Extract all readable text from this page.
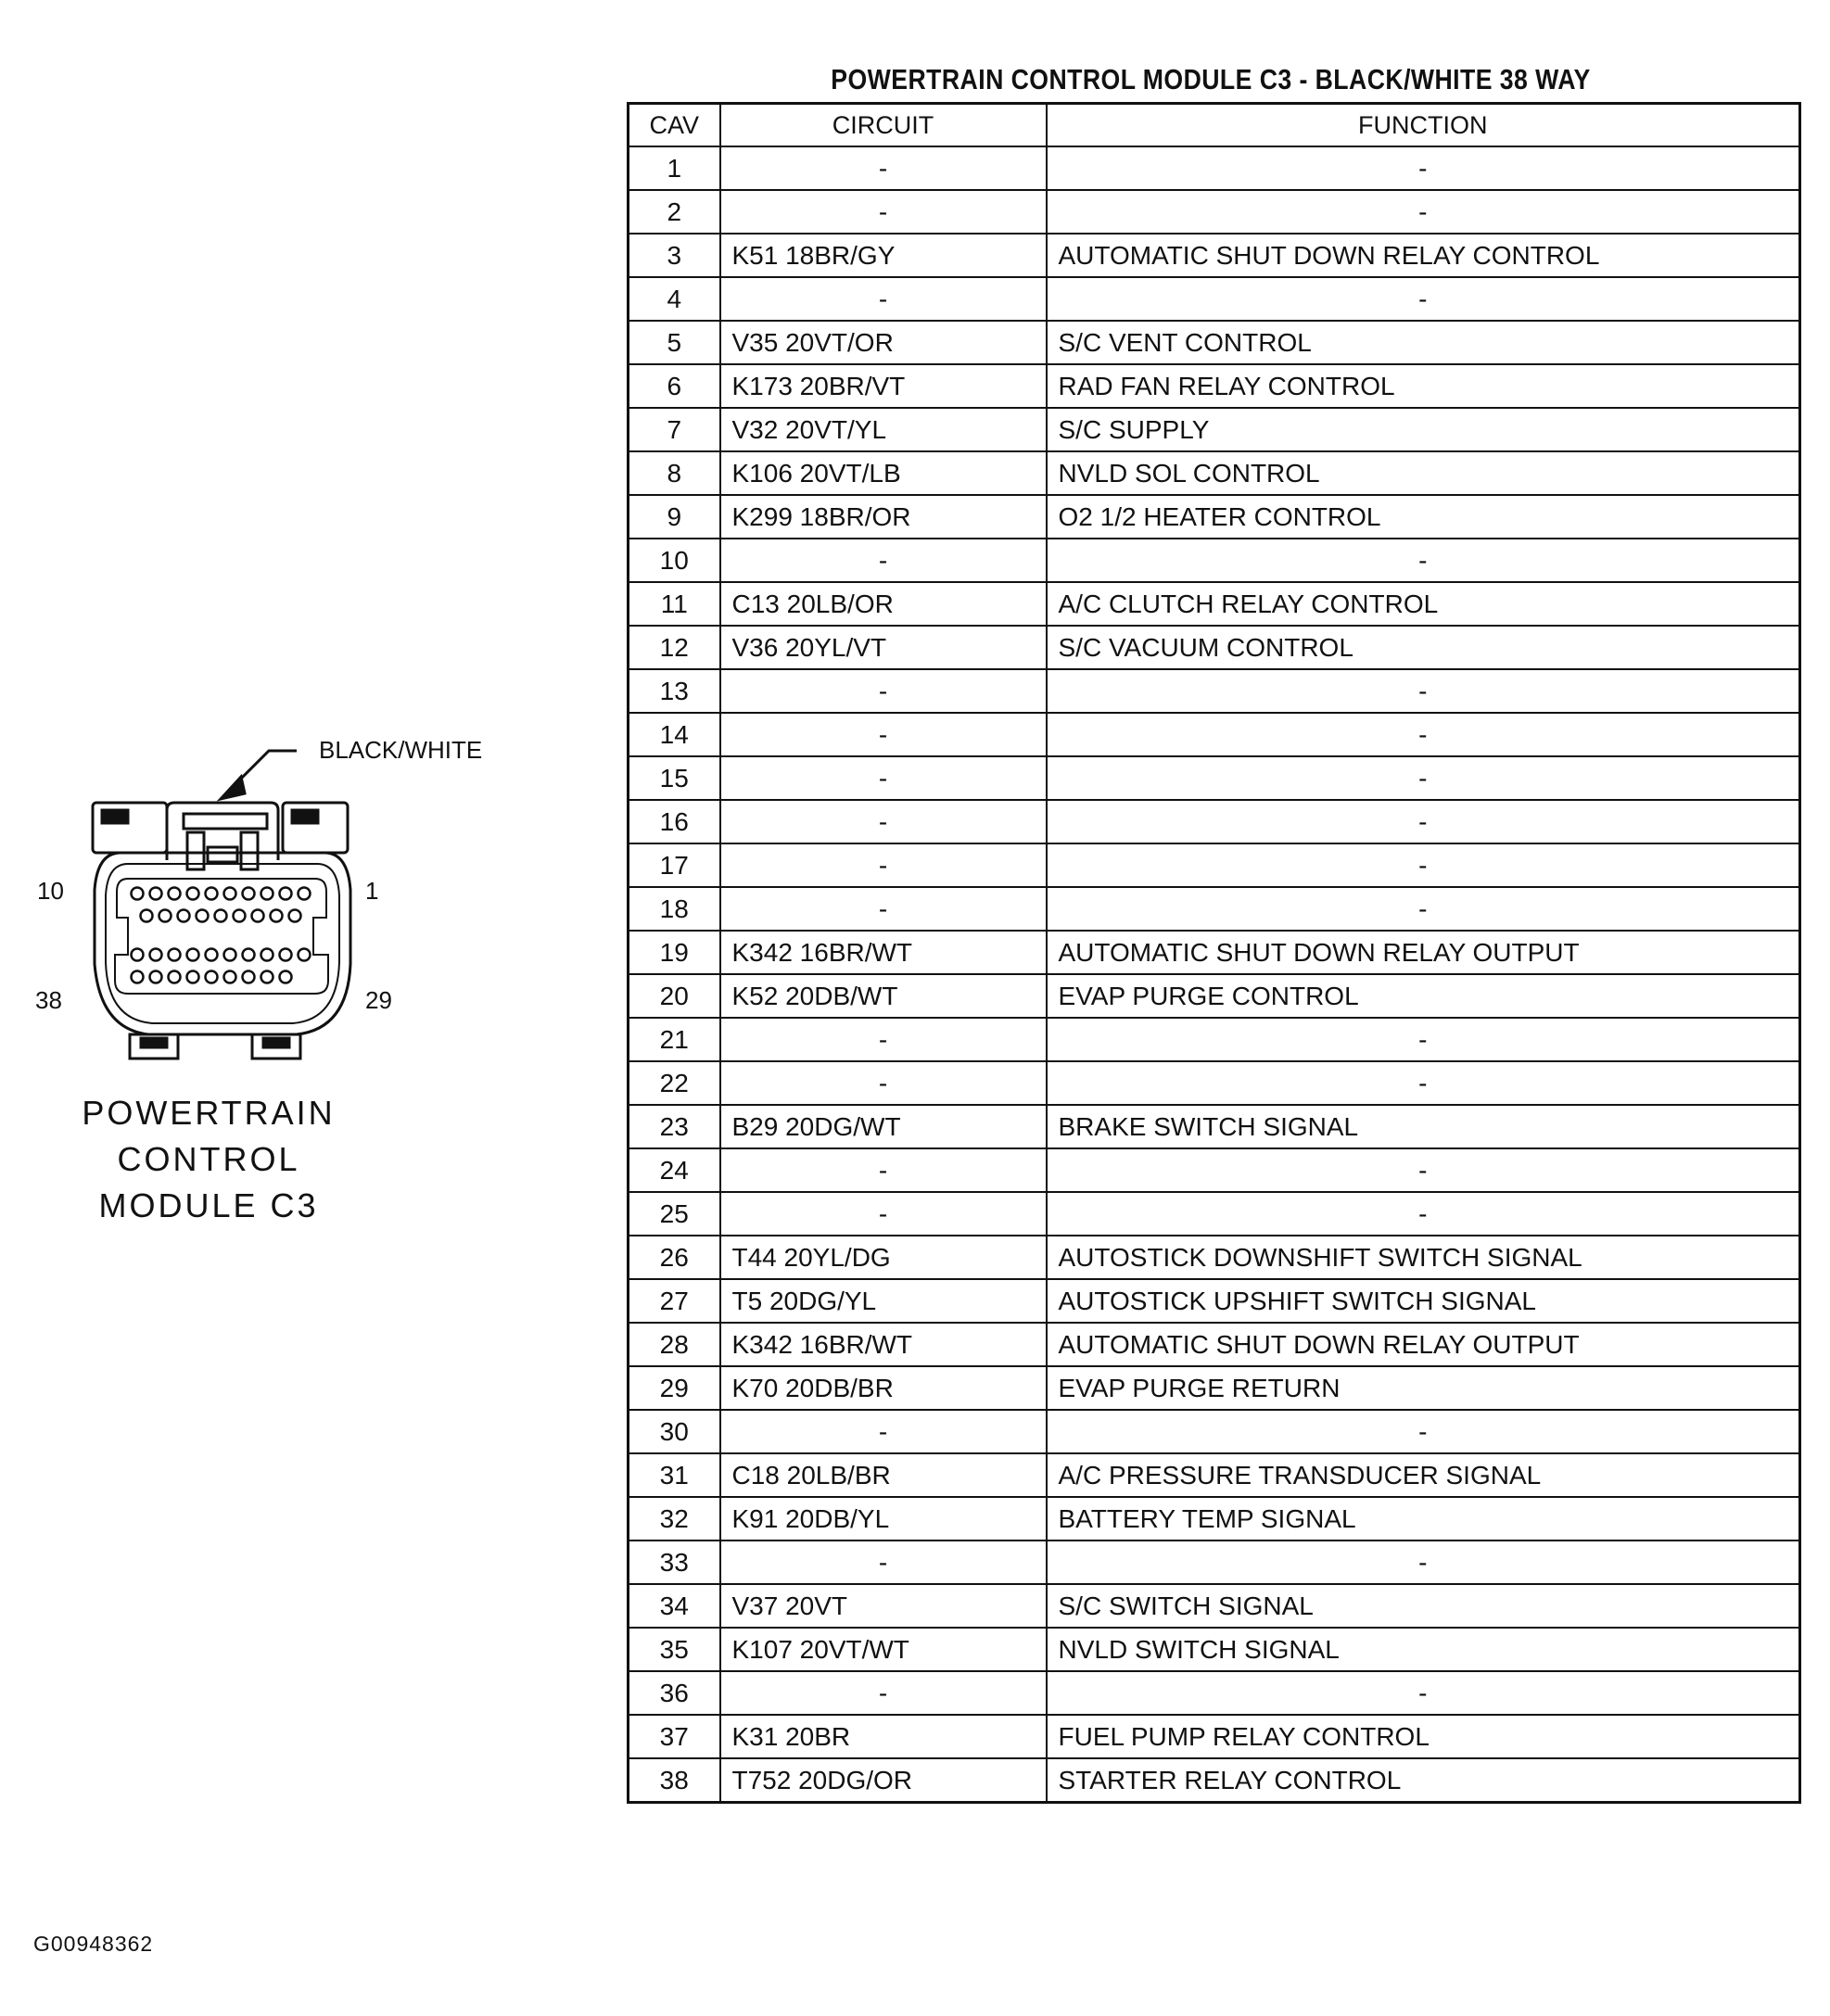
POWERTRAIN CONTROL MODULE C3 - BLACK/WHITE 38 WAY
CAV	CIRCUIT	FUNCTION
1	-	-
2	-	-
3	K51 18BR/GY	AUTOMATIC SHUT DOWN RELAY CONTROL
4	-	-
5	V35 20VT/OR	S/C VENT CONTROL
6	K173 20BR/VT	RAD FAN RELAY CONTROL
7	V32 20VT/YL	S/C SUPPLY
8	K106 20VT/LB	NVLD SOL CONTROL
9	K299 18BR/OR	O2 1/2 HEATER CONTROL
10	-	-
11	C13 20LB/OR	A/C CLUTCH RELAY CONTROL
12	V36 20YL/VT	S/C VACUUM CONTROL
13	-	-
14	-	-
15	-	-
16	-	-
17	-	-
18	-	-
19	K342 16BR/WT	AUTOMATIC SHUT DOWN RELAY OUTPUT
20	K52 20DB/WT	EVAP PURGE CONTROL
21	-	-
22	-	-
23	B29 20DG/WT	BRAKE SWITCH SIGNAL
24	-	-
25	-	-
26	T44 20YL/DG	AUTOSTICK DOWNSHIFT SWITCH SIGNAL
27	T5 20DG/YL	AUTOSTICK UPSHIFT SWITCH SIGNAL
28	K342 16BR/WT	AUTOMATIC SHUT DOWN RELAY OUTPUT
29	K70 20DB/BR	EVAP PURGE RETURN
30	-	-
31	C18 20LB/BR	A/C PRESSURE TRANSDUCER SIGNAL
32	K91 20DB/YL	BATTERY TEMP SIGNAL
33	-	-
34	V37 20VT	S/C SWITCH SIGNAL
35	K107 20VT/WT	NVLD SWITCH SIGNAL
36	-	-
37	K31 20BR	FUEL PUMP RELAY CONTROL
38	T752 20DG/OR	STARTER RELAY CONTROL
BLACK/WHITE
10	1
38	29
POWERTRAIN
CONTROL
MODULE C3
G00948362
